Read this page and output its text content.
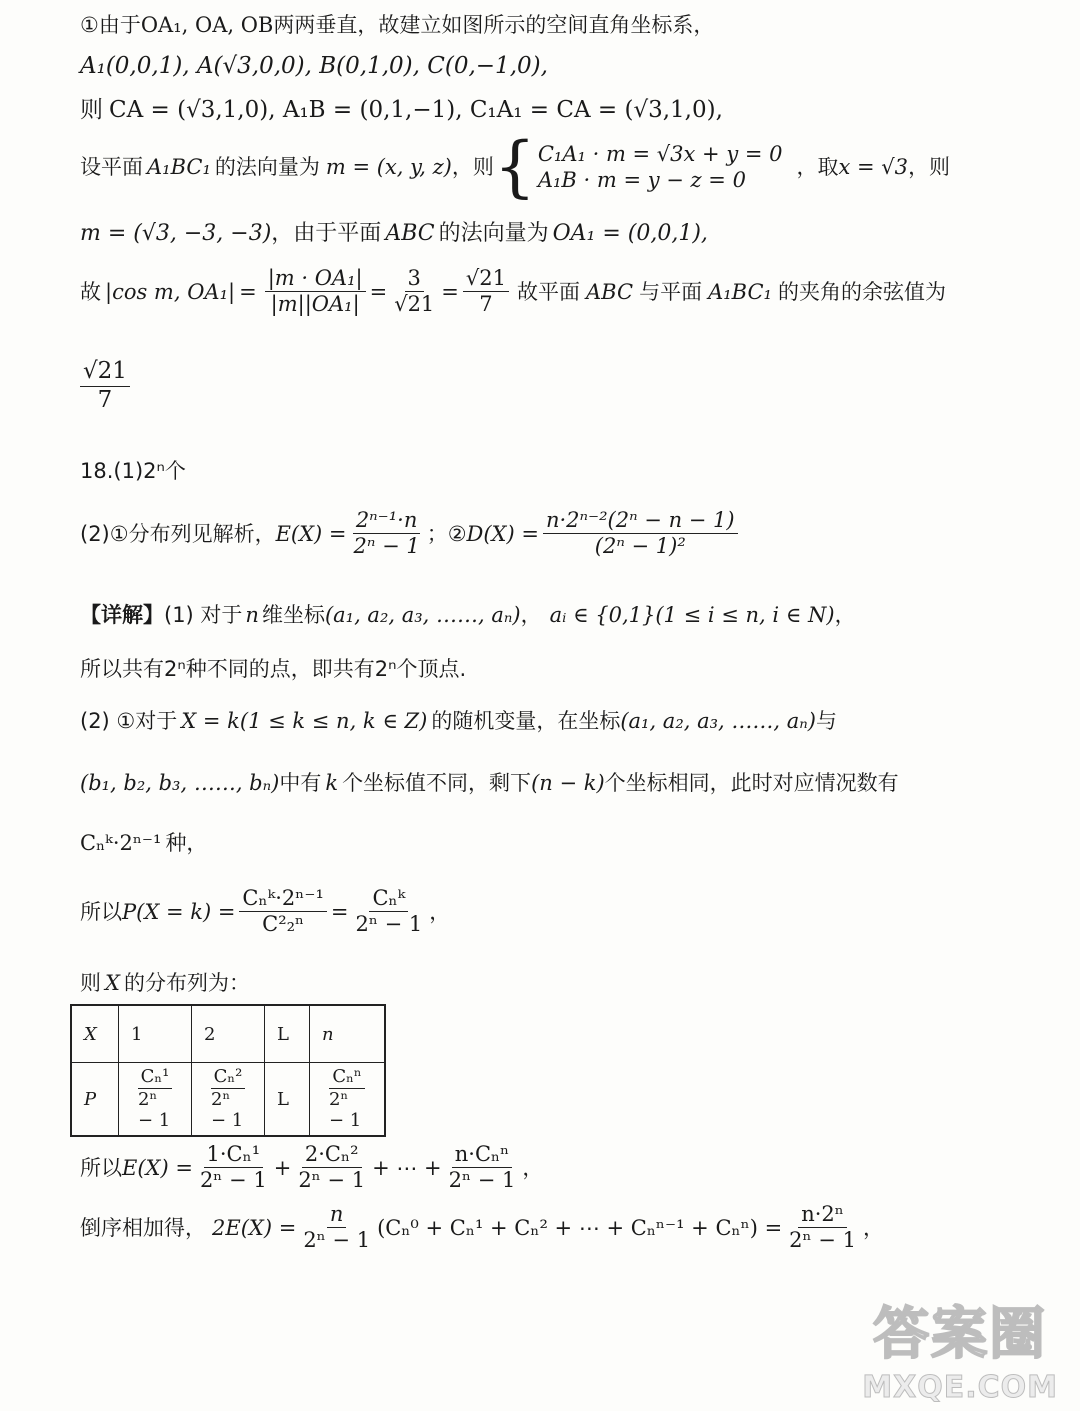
① 由于 OA₁, OA, OB 两两垂直，故建立如图所示的空间直角坐标系，
A₁(0,0,1), A(√3,0,0), B(0,1,0), C(0,−1,0),
则 CA = (√3,1,0), A₁B = (0,1,−1), C₁A₁ = CA = (√3,1,0),
设平面 A₁BC₁ 的法向量为 m = (x, y, z) ，则 { C₁A₁ · m = √3x + y = 0
A₁B · m = y − z = 0
，取 x = √3 ，则
m = (√3, −3, −3) ，由于平面 ABC 的法向量为 OA₁ = (0,0,1),
故 |cos m, $OA_1| = \frac{\text{|m · OA₁|}}{\text{|m||OA₁|}} = \frac{3}{√21} = \frac{√21}{7}$ 故平面 ABC 与平面 A₁BC₁ 的夹角的余弦值为
$\frac{√21}{7}$
18.(1)2ⁿ个
(2)①分布列见解析， $E(X) = \frac{\text{2ⁿ⁻¹·n}}{\text{2ⁿ − 1}}$ ；② $D(X) = \frac{\text{n·2ⁿ⁻²(2ⁿ − n − 1)}}{\text{(2ⁿ − 1)²}}$
【详解】 (1) 对于 n 维坐标 (a₁, a₂, a₃, ……, aₙ) ， aᵢ ∈ {0,1}(1 ≤ i ≤ n, i ∈ N) ，
所以共有2ⁿ种不同的点，即共有2ⁿ个顶点.
(2) ①对于 X = k(1 ≤ k ≤ n, k ∈ Z) 的随机变量，在坐标 (a₁, a₂, a₃, ……, aₙ) 与
(b₁, b₂, b₃, ……, bₙ) 中有 k 个坐标值不同，剩下 (n − k) 个坐标相同，此时对应情况数有
Cₙᵏ·2ⁿ⁻¹ 种，
所以 $P(X = k) = \frac{\text{Cₙᵏ·2ⁿ⁻¹}}{\text{C²₂ⁿ}} = \frac{\text{Cₙᵏ}}{\text{2ⁿ − 1}}$ ，
则 X 的分布列为：
X	1	2	L	n
P	$\frac{\text{Cₙ¹}}{\text{2ⁿ − 1}}$	$\frac{\text{Cₙ²}}{\text{2ⁿ − 1}}$	L	$\frac{\text{Cₙⁿ}}{\text{2ⁿ − 1}}$
所以 $E(X) = \frac{\text{1·Cₙ¹}}{\text{2ⁿ − 1}} + \frac{\text{2·Cₙ²}}{\text{2ⁿ − 1}}$ + ⋯ + $\frac{\text{n·Cₙⁿ}}{\text{2ⁿ − 1}}$ ，
倒序相加得， $2E(X) = \frac{n}{\text{2ⁿ − 1}} (C_n^0 + C_n^1 + C_n^2$ + ⋯ + $C_n^{n-1} + C_n^n) = \frac{\text{n·2ⁿ}}{\text{2ⁿ − 1}}$ ，
答案圈
MXQE.COM
